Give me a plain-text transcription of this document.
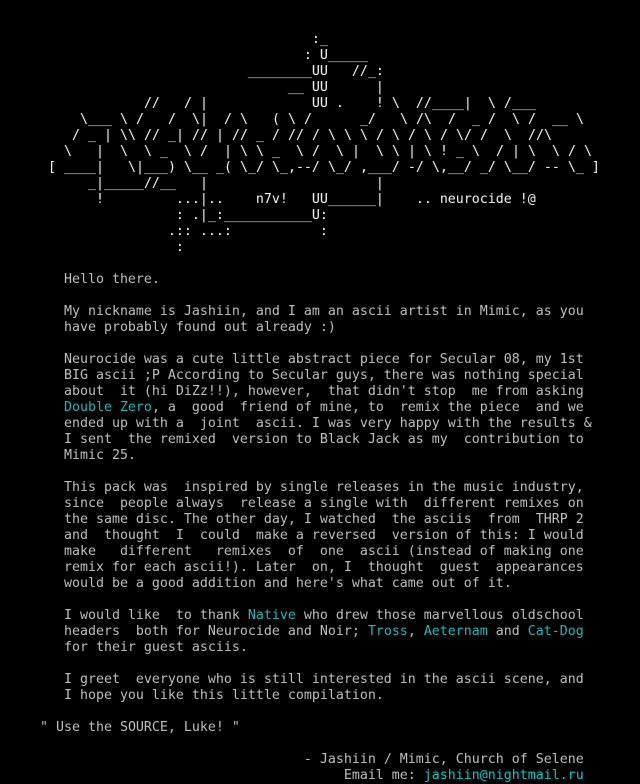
:_
: U_____
________UU   //_:
__ UU	|
// / |	UU . ! \ //____| \ /___
\___ \ / / \| / \ ( \ /	_/ \ /\ / _ / \ / __ \
/ _ | \\ // _| // | // _ / // / \ \ \ / \ / \ / \/ / \ //\
\ | \ \ _ \ / | \ \ _ \ / \ | \ \ | \ ! _ \ / | \ \ / \
[ ____| \|___) \__ _( \_/ \_,--/ \_/ ,___/ -/ \,__/ _/ \__/ -- \_ ]
_|_____//__ |	|
!	...|.. n7v! UU______| .. neurocide !@
: .|_:___________U:
.:: ...:	:
:
Hello there.
My nickname is Jashiin, and I am an ascii artist in Mimic, as you
have probably found out already :)
Neurocide was a cute little abstract piece for Secular 08, my 1st
BIG ascii ;P According to Secular guys, there was nothing special
about  it (hi DiZz!!), however,  that didn't stop  me from asking
Double Zero, a  good  friend of mine, to  remix the piece  and we
ended up with a  joint  ascii. I was very happy with the results &
I sent  the remixed  version to Black Jack as my  contribution to
Mimic 25.
This pack was  inspired by single releases in the music industry,
since  people always  release a single with  different remixes on
the same disc. The other day, I watched  the asciis  from  THRP 2
and  thought  I  could  make a reversed  version of this: I would
make   different   remixes  of  one  ascii (instead of making one
remix for each ascii!). Later  on, I  thought  guest  appearances
would be a good addition and here's what came out of it.
I would like  to thank Native who drew those marvellous oldschool
headers  both for Neurocide and Noir; Tross, Aeternam and Cat-Dog
for their guest asciis.
I greet  everyone who is still interested in the ascii scene, and
I hope you like this little compilation.
" Use the SOURCE, Luke! "
- Jashiin / Mimic, Church of Selene
Email me: jashiin@nightmail.ru
